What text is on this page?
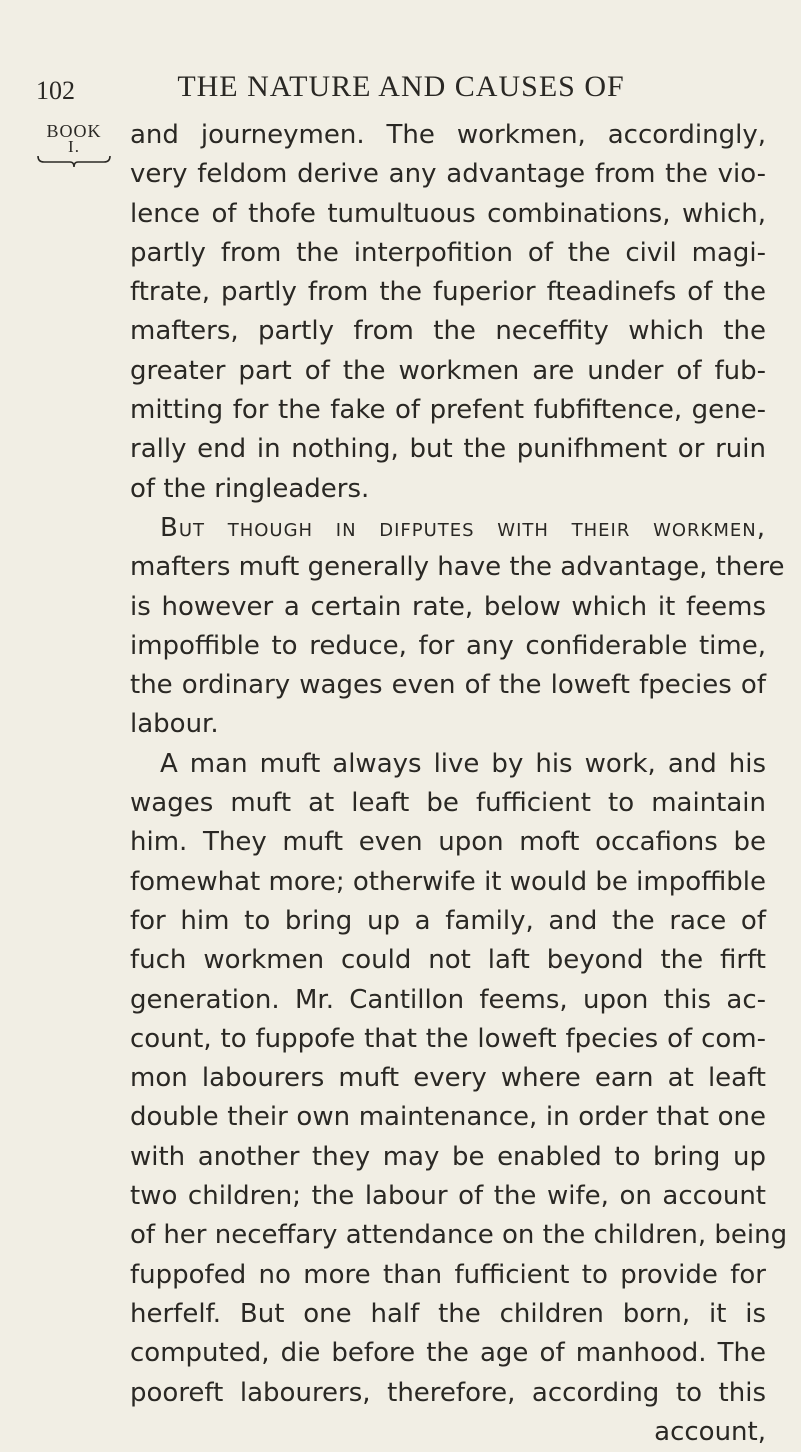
102	THE NATURE AND CAUSES OF
BOOK
I.	and journeymen. The workmen, accordingly,
very feldom derive any advantage from the vio-
lence of thofe tumultuous combinations, which,
partly from the interpofition of the civil magi-
ftrate, partly from the fuperior fteadinefs of the
mafters, partly from the neceffity which the
greater part of the workmen are under of fub-
mitting for the fake of prefent fubfiftence, gene-
rally end in nothing, but the punifhment or ruin
of the ringleaders.
But though in difputes with their workmen,
mafters muft generally have the advantage, there
is however a certain rate, below which it feems
impoffible to reduce, for any confiderable time,
the ordinary wages even of the loweft fpecies of
labour.
A man muft always live by his work, and his
wages muft at leaft be fufficient to maintain
him. They muft even upon moft occafions be
fomewhat more; otherwife it would be impoffible
for him to bring up a family, and the race of
fuch workmen could not laft beyond the firft
generation. Mr. Cantillon feems, upon this ac-
count, to fuppofe that the loweft fpecies of com-
mon labourers muft every where earn at leaft
double their own maintenance, in order that one
with another they may be enabled to bring up
two children; the labour of the wife, on account
of her neceffary attendance on the children, being
fuppofed no more than fufficient to provide for
herfelf. But one half the children born, it is
computed, die before the age of manhood. The
pooreft labourers, therefore, according to this
account,
